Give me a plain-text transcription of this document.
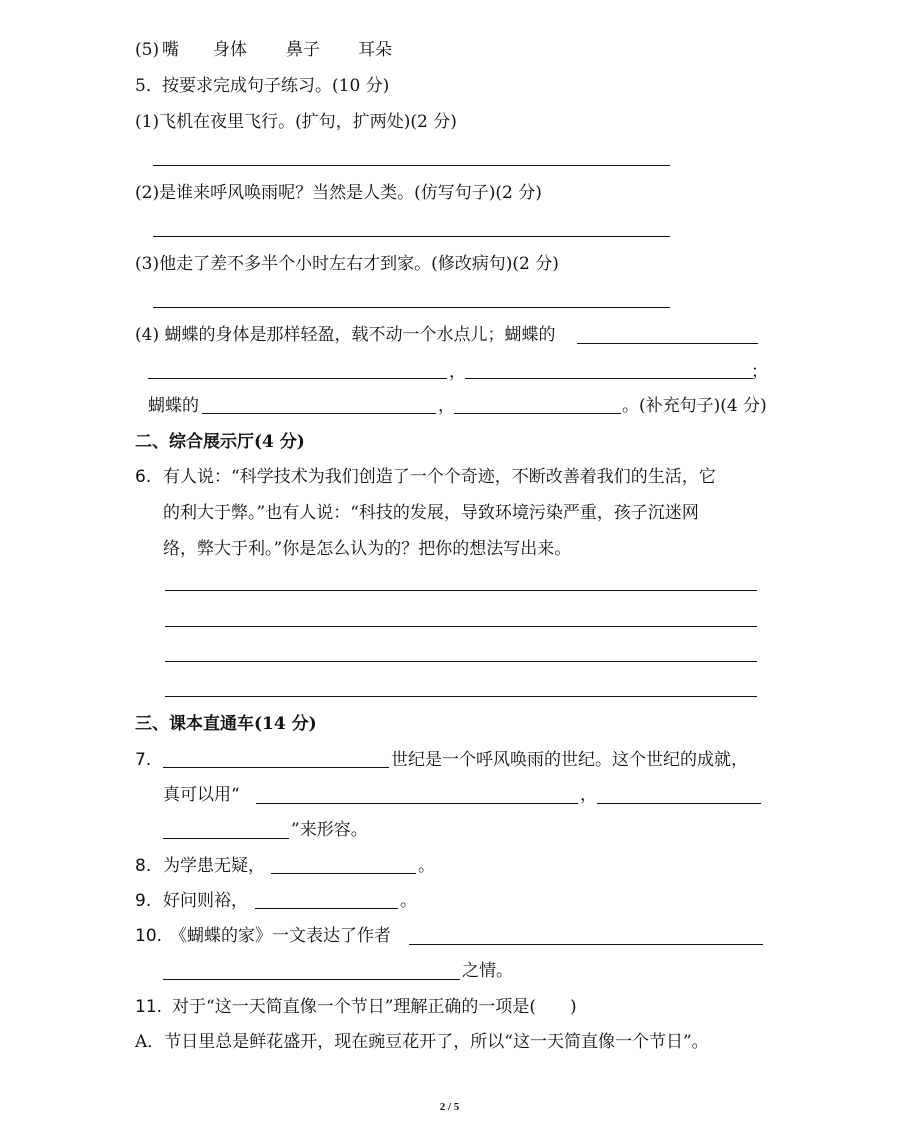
(5) 嘴 身体 鼻子 耳朵
5． 按要求完成句子练习。(10 分)
(1)飞机在夜里飞行。(扩句，扩两处)(2 分)
(2)是谁来呼风唤雨呢？当然是人类。(仿写句子)(2 分)
(3)他走了差不多半个小时左右才到家。(修改病句)(2 分)
(4) 蝴蝶的身体是那样轻盈，载不动一个水点儿；蝴蝶的
，	；
蝴蝶的	，	。(补充句子)(4 分)
二、综合展示厅(4 分)
6. 有人说：“科学技术为我们创造了一个个奇迹，不断改善着我们的生活，它
的利大于弊。”也有人说：“科技的发展，导致环境污染严重，孩子沉迷网
络，弊大于利。”你是怎么认为的？把你的想法写出来。
三、课本直通车(14 分)
7.	世纪是一个呼风唤雨的世纪。这个世纪的成就，
真可以用“	，
”来形容。
8. 为学患无疑，	。
9. 好问则裕，	。
10. 《蝴蝶的家》一文表达了作者
之情。
11. 对于“这一天简直像一个节日”理解正确的一项是(　　)
A．节日里总是鲜花盛开，现在豌豆花开了，所以“这一天简直像一个节日”。
2 / 5
